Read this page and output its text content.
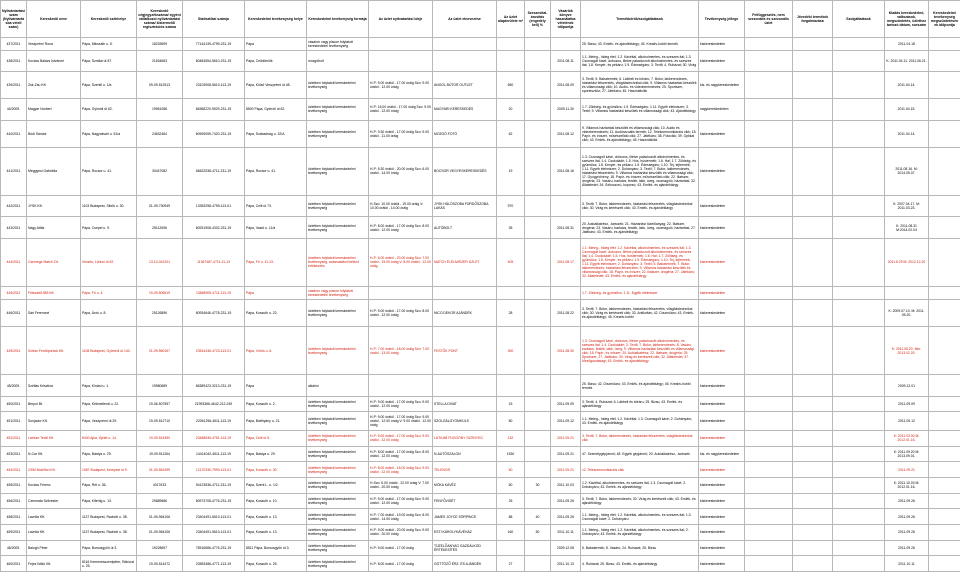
Nyilvántartási szám (Nyilvántartásba vételi szám)	Kereskedő neve	Kereskedő székhelye	Kereskedő cégjegyzékszáma/ egyéni vállalkozói nyilvántartási száma/ kistermelői regisztrációs száma	Statisztikai számja	Kereskedelmi tevékenység helye	Kereskedelmi tevékenység formája	Az üzlet nyitvatartási ideje	Az üzlet elnevezése	Az üzlet alapterülete m²	Szeszesital-árusítás (engedély kell) %	Vásárlók könyve használatba vételének időpontja	Termékkörök/szolgáltatások	Tevékenység jellege	Felfüggesztés, nem szezonális és szezonális üzlet	Jövedéki termékek forgalmazása	Szolgáltatások	Kiadás kereskedelmi, változások, megszüntetés, üzlethez tartozó dátum, sorszám	Kereskedelmi tevékenység megszüntetésének időpontja
437/2011	Veszprémi Rona	Pápa, Mikszáth u. 5.	18233699	77144139-4799-231-19	Pápa	vásáron vagy piacon folytatott kereskedelmi tevékenység						25. Bizsu; 43. Emlék- és ajándéktárgy; 45. Kreatív-hobbi termék	kiskereskedelem				2011.04.18	
438/2011	Kovács Balázs Istvánné	Pápa, Szmilai út 87.	21634663	60484554-5610-231-19	Pápa, Celldömölk	mozgóbolt					2011.08.11	1.1. Meleg-, hideg étel; 1.2. Kávéital, alkoholmentes- és szeszes ital; 1.3. Csomagolt kávé, dobozos, illetve palackozott alkoholmentes- és szeszes ital; 1.8. Kenyér- és pékáru; 1.9. Édességáru; 3. Textil; 4. Ruházat; 30. Virág	kiskereskedelem				K: 2011.04.11. 2011.06.21.	
439/2011	Zsir-Zsu Kft.	Pápa, Szentil u. 1/a	09-09-512513	23103908-5610-113-19	Pápa, Külső Veszprémi út 48.	üzletben folytatott kereskedelmi tevékenység	H-P: 9.00 órától - 17.00 óráig Szo: 9.00 órától - 12.00 óráig	ANGOL BÚTOR OUTLET	650		2011.08.09	3. Textil; 5. Babatermék; 6. Lábbeli és bőráru; 7. Bútor, lakberendezés, háztartási felszerelés, világítástechnikai cikk; 9. Villamos háztartási készülék és villamossági cikk; 10. Audio- és videoberendezés; 25. Sportszer, sporteszköz; 27. Játékáru; 45. Használtcikk	kis- és nagykereskedelem				2011.04.14.	
44/2009.	Magyar Norbert	Pápa, Gyimóti út 62.	19961088	66368220-9529-231-19	8500 Pápa, Gyimóti út 62.	üzletben folytatott kereskedelmi tevékenység	H-P: 16.00 órától - 17.00 óráig Szo: 9.00 órától - 12.00 óráig	MAGYARI KERESKEDÉS	20		2009.11.30	1.7. Zöldség- és gyümölcs; 1.9. Édességáru; 1.11. Egyéb élelmiszer; 3. Textil; 9. Villamos háztartási készülék és villamossági cikk; 43. Ajándéktárgy	nagykereskedelem				2011.04.15.	
440/2011	Bódi Sándor	Pápa, Nagyvásári u. 51/a	24632484	60905059-7420-231-19	Pápa, Szabadság u. 32/A	üzletben folytatott kereskedelmi tevékenység	H-P: 9.30 órától - 17.00 óráig Szo: 9.00 órától - 11.00 óráig	MOZGÓ FOTÓ	62		2011.08.12	9. Villamos háztartási készülék és villamossági cikk; 10. Audio és videoberendezés; 11. Audiovizuális termék; 12. Telekommunikációs cikk; 18. Papír- és írószer, művészellátó cikk; 27. Játékáru; 38. Fotócikk; 39. Optikai cikk; 43. Emlék- és ajándéktárgy; 46. Használtcikk	kiskereskedelem				2011.04.14.	
441/2011	Meggyesi Gabriella	Pápa, Rocsor u. 41.	30447082	66622538-4711-231-19	Pápa, Rocsor u. 41.	üzletben folytatott kereskedelmi tevékenység	H-P: 5.30 órától - 20.00 óráig Szo: 6.00 órától - 14.00 óráig	BOCSOR VEGYESKERESKEDÉS	19		2011.08.16	1.3. Csomagolt kávé, dobozos, illetve palackozott alkoholmentes- és szeszes ital; 1.4. Csokoládé; 1.5. Hús, hústermék; 1.6. Hal; 1.7. Zöldség- és gyümölcs; 1.8. Kenyér- és pékáru; 1.9. Édességáru; 1.10. Tej, tejtermék; 1.11. Egyéb élelmiszer; 2. Dohányáru; 3. Textil; 7. Bútor, lakberendezés, háztartási felszerelés; 9. Villamos háztartási készülék és villamossági cikk; 17. Gyógynövény; 18. Papír- és írószer, művészellátó cikk; 22. Illatszer, drogéria; 23. Vasáru, barkács, festék, lakk, üveg, csomagoló, háztartási; 32. Állateledel; 34. Sírkoszorú, koporsó; 43. Emlék- és ajándéktárgy	kiskereskedelem				2011.08.16. M: 2014.05.07.	
442/2011	JYSK Kft.	1103 Budapest, Sibrik u. 30.	01-09-730949	13353298-4759-113-01	Pápa, Celli út 73.	üzletben folytatott kereskedelmi tevékenység	H-Szo: 10.00 órától - 19.00 óráig V: 10.00 órától - 14.00 óráig	JYSK HÁLÓSZOBA FÜRDŐSZOBA LAKÁS	970			3. Textil; 7. Bútor, lakberendezés, háztartási felszerelés, világítástechnikai cikk; 30. Virág és kertészeti cikk; 43. Emlék- és ajándéktárgy	kiskereskedelem				K: 2007.04.17. M: 2011.03.23.	
443/2011	Nagy Attila	Pápa, Csepel u. 9.	25112696	60931908-4332-231-19	Pápa, Vasút u. 11/a	üzletben folytatott kereskedelmi tevékenység	H-P: 8.00 órától - 17.00 óráig Szo: 8.00 órától - 12.00 óráig	AUTÓBOLT	35		2011.08.31	20. Autóalkatrész, -tartozék; 21. Háztartási tüzelőanyag; 22. Illatszer, drogéria; 23. Vasáru, barkács, festék, lakk, üveg, csomagoló, háztartási; 27. Játékáru; 43. Emlék- és ajándéktárgy	kiskereskedelem				K: 2011.08.31 M:2014.02.04	
444/2011	Csemege Match Zrt.	Vecsés, Lőrinci út 62.	13-10-041201	11367487-4711-11-13	Pápa, Fő u. 11-13.	üzletben folytatott kereskedelmi tevékenység, automatából történő értékesítés	H-P: 6.00 órától - 20.00 óráig Szo: 7.00 órától - 19.00 óráig V: 8.00 órától - 12.00 óráig	MATCH ÉLELMISZER ÜZLET	405		2011.08.17	1.1. Meleg-, hideg étel; 1.2. Kávéital, alkoholmentes- és szeszes ital; 1.3. Csomagolt kávé, dobozos, illetve palackozott alkoholmentes- és szeszes ital; 1.4. Csokoládé; 1.5. Hús, hústermék; 1.6. Hal; 1.7. Zöldség- és gyümölcs; 1.8. Kenyér- és pékáru; 1.9. Édességáru; 1.10. Tej, tejtermék; 1.11. Egyéb élelmiszer; 2. Dohányáru; 3. Textil; 5. Babatermék; 7. Bútor, lakberendezés, háztartási felszerelés; 9. Villamos háztartási készülék és villamossági cikk; 18. Papír- és írószer; 22. Illatszer, drogéria; 27. Játékáru; 32. Állateledel; 43. Emlék- és ajándéktárgy	kiskereskedelem				2011.8.29 M: 2012.12.20	
445/2011	Fritsvadi1983 Kft.	Pápa, Fő u. 4.	19-09-506519	13668905-4711-113-19	Pápa	vásáron vagy piacon folytatott kereskedelmi tevékenység						1.7. Zöldség- és gyümölcs; 1.11. Egyéb élelmiszer	kiskereskedelem					
446/2011	Sári Ferencné	Pápa, Árok u. 8.	25126896	60934646-4778-231-19	Pápa, Kossuth u. 22.	üzletben folytatott kereskedelmi tevékenység	H-P: 9.00 órától - 17.00 óráig Szo: 8.00 órától - 12.00 óráig	NICO DEKOR AJÁNDÉK	28		2011.08.22	3. Textil; 7. Bútor, lakberendezés, háztartási felszerelés, világítástechnikai cikk; 30. Virág és kertészeti cikk; 33. Antikvitás; 42. Díszműáru; 43. Emlék- és ajándéktárgy; 45. Kreatív-hobbi	kiskereskedelem				K: 2009.07.10. M: 2011. 05.20.	
449/2011	Sziesz Ferdőpontok Kft.	1108 Budapest, Gyömrői út 140.	01-09-960157	23514436-4723-113-01	Pápa, Vörös u. 6.	üzletben folytatott kereskedelmi tevékenység	H-P: 7.00 órától - 18.00 óráig Szo: 7.00 órától - 13.00 óráig	FESTŐK PONT	300		2011.08.30	1.3. Csomagolt kávé, dobozos, illetve palackozott alkoholmentes- és szeszes ital; 1.4. Csokoládé; 3. Textil; 7. Bútor, lakberendezés; 8. Vasáru, barkács, festék, lakk, üveg; 9. Villamos háztartási készülék és villamossági cikk; 18. Papír- és írószer; 20. Autóalkatrész; 22. Illatszer, drogéria; 25. Sportszer; 27. Játékáru; 30. Virág és kertészeti cikk; 32. Állateledel; 37. Mezőgazdasági; 43. Emlék- és ajándéktárgy	kiskereskedelem				K: 2011.05.20. Mm: 2013.02.20.	
45/2009.	Széllás Krisztina	Pápa, Kinizsi u. 1.	19980689	66389423-3213-231-19	Pápa	alkalmi						25. Bizsu; 42. Díszműáru; 43. Emlék- és ajándéktárgy; 45. Kreatív-hobbi termék	kiskereskedelem				2009.12.01	
450/2011	Berpol Bt.	Pápa, Kékmetlerdi u. 22.	19-06-507557	21993366-4642-212-249	Pápa, Kossuth u. 2.	üzletben folytatott kereskedelmi tevékenység	H-P: 9.00 órától - 17.00 óráig Szo: 9.00 órától - 12.00 óráig	STELLA DIVAT	15		2011.09.09	3. Textil; 4. Ruházat; 6. Lábbeli és bőráru; 25. Bizsu; 43. Emlék- és ajándéktárgy	kiskereskedelem				2011.09.09	
451/2011	Sonjador Kft.	Pápa, Veszprémi út 29.	19-09-512710	22061256-4511-113-19	Pápa, Batthyány u. 21.	üzletben folytatott kereskedelmi tevékenység	H-P: 9.00 órától - 17.00 óráig Szo: 9.00 órától - 12.00 óráig V: 9.00 órától - 12.00 óráig	SZOLGÁLGYOMKÜLS	80		2011.09.12	1.1. Meleg-, hideg étel; 1.2. Kávéital; 1.3. Csomagolt kávé; 2. Dohányáru; 43. Emlék- és ajándéktárgy	kiskereskedelem				2011.09.12	
452/2011	Latrium Textil Kft.	8400 Ajka, Újélet u. 14.	19-09-514350	23468636-4751-113-19	Pápa, Celli út 5.	üzletben folytatott kereskedelmi tevékenység	H-P: 9.00 órától - 17.00 óráig Szo: 9.00 órától - 12.00 óráig	LÁTIUMÍ FÜGGÖNY SZÖNYEG	132		2011.09.21	3. Textil; 7. Bútor, lakberendezés, háztartási felszerelés, világítástechnikai cikk	kiskereskedelem				K: 2011.03.00 M: 2012.01.16.	
453/2011	N-Car Kft.	Pápa, Bástya u. 29.	19-09-511264	14414042-4511-113-19	Pápa, Bástya u. 29.	üzletben folytatott kereskedelmi tevékenység	H-P: 8.00 órától - 17.00 óráig Szo: 8.00 órától - 12.00 óráig	N-AUTÓSZALON	1530		2011.09.21	47. Személygépjármű; 48. Egyéb gépjármű; 20. Autóalkatrész, -tartozék	kis- és nagykereskedelem				K: 2011.09.20 M: 2013.09.01.	
454/2011	GSM Mobilfon Kft.	1087 Budapest, Kerepesi út 9.	01-09-561499	12170330-7990-113-01	Pápa, Kossuth u. 30.	üzletben folytatott kereskedelmi tevékenység	H-P: 8.00 órától - 18.00 óráig Szo: 9.00 órától - 12.00 óráig	TELENOR	50		2011.09.21	12. Telekommunikációs cikk	kiskereskedelem				2011.09.21	
455/2011	Kovács Ferenc	Pápa, Rét u. 36.	4017633	54123536-4711-231-19	Pápa, Szent L. u. 1/2.	üzletben folytatott kereskedelmi tevékenység	H-Szo: 6.00 órától - 22.00 óráig V: 7.00 órától - 20.00 óráig	MÓKA KÁVÉZ	50	30	2011.10.03	1.2. Kávéital, alkoholmentes- és szeszes ital; 1.3. Csomagolt kávé; 2. Dohányáru; 43. Emlék- és ajándéktárgy	kiskereskedelem				K: 2011.10.03 M: 2012.01.16.	
456/2011	Czermata Szilvester	Pápa, Kifertig u. 13.	25689686	60973708-4776-231-19	Pápa, Kossuth u. 10.	üzletben folytatott kereskedelmi tevékenység	H-P: 9.00 órától - 17.00 óráig Szo: 9.00 órától - 12.00 óráig	FENYŐVISÉT	25		2011.09.26	3. Textil; 7. Bútor, lakberendezés; 30. Virág és kertészeti cikk; 43. Emlék- és ajándéktárgy	kiskereskedelem				2011.09.26	
458/2011	Lavnita Kft.	1137 Budapest, Radnóti u. 38.	01-09-964106	23404491-5610-113-01	Pápa, Kossuth u. 13.	üzletben folytatott kereskedelmi tevékenység	H-P: 7.00 órától - 19.00 óráig Szo: 8.00 órától - 14.00 óráig	JAMES JOYCE SÖRPINCE	88	40	2011.09.26	1.1. Meleg-, hideg étel; 1.2. Kávéital, alkoholmentes- és szeszes ital; 1.3. Csomagolt kávé; 2. Dohányáru	kiskereskedelem				2011.09.26	
459/2011	Lavnita Kft.	1137 Budapest, Radnóti u. 38.	01-09-964106	23404491-5610-113-01	Pápa, Kossuth u. 13.	üzletben folytatott kereskedelmi tevékenység	H-P: 9.00 órától - 20.00 óráig Szo: 9.00 órától - 20.00 óráig	ESTI KÁROLYKÁVÉHÁZ	160	50	2011.10.11	1.1. Meleg-, hideg étel; 1.2. Kávéital, alkoholmentes- és szeszes ital; 2. Dohányáru; 43. Emlék- és ajándéktárgy	kiskereskedelem				2011.09.26	
46/2009.	Balogh Péter	Pápa, Borsosgyőri út 3.	19228697	75516686-4776-231-19	8511 Pápa, Borsosgyőri út 3.	üzletben folytatott kereskedelmi tevékenység	H-P: 9.00 órától - 17.00 óráig	TÜZELŐANYAG GAZDÁLKOD ÉRTÉKESÍTÉS			2009.12.08	5. Babatermék; 8. Vasáru; 24. Ruházat; 25. Bizsu	kiskereskedelem				2011.09.26	
460/2011	Fejes Ildikó Kft.	8116 Kemenesszentpéter, Rákóczi u. 25.	19-09-514472	23553486-4771-113-19	Pápa, Kossuth u. 25.	üzletben folytatott kereskedelmi tevékenység	H-P: 8.00 órától - 17.00 óráig	GÖTTÖZŐ ÉRZ. ÉS AJÁNDÉK	27		2011.10.13	4. Ruházat; 25. Bizsu; 43. Emlék- és ajándéktárgy	kiskereskedelem				2011.10.11	
